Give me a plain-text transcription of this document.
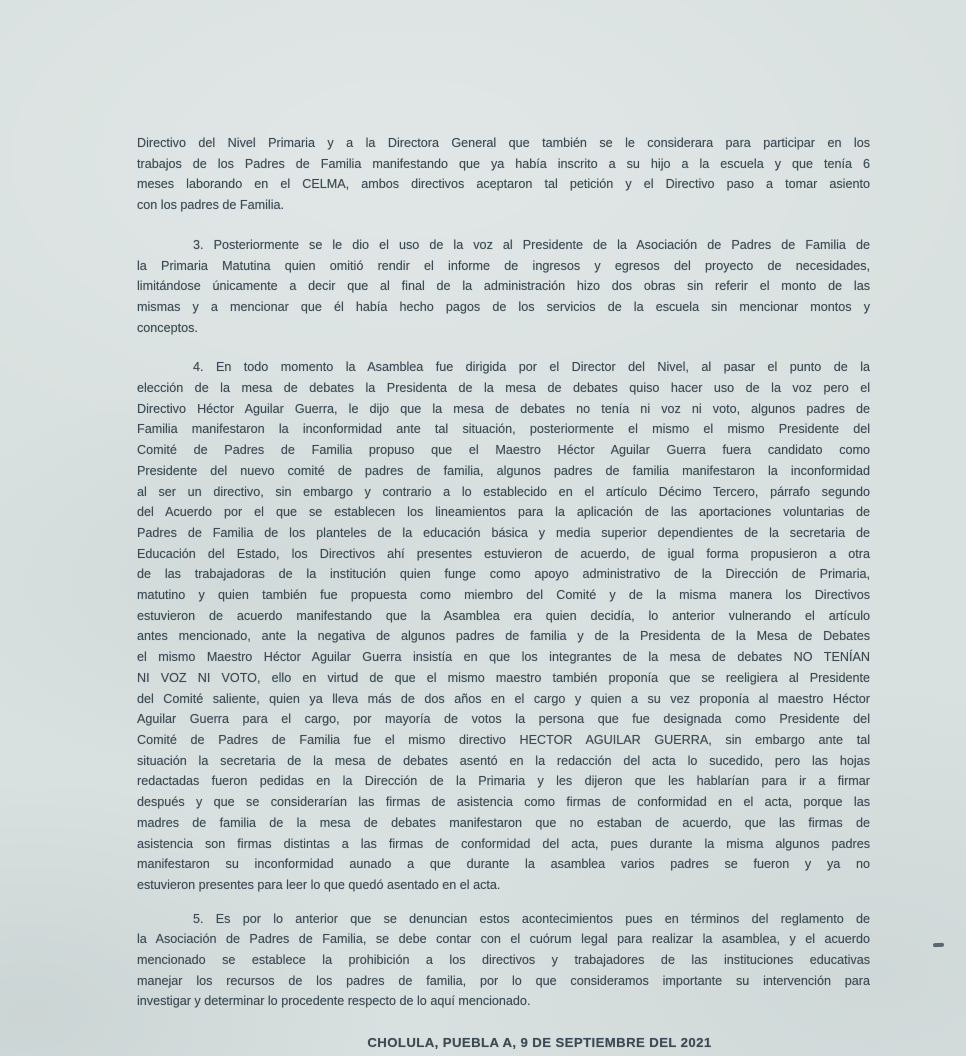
Directivo del Nivel Primaria y a la Directora General que también se le considerara para participar en los
trabajos de los Padres de Familia manifestando que ya había inscrito a su hijo a la escuela y que tenía 6
meses laborando en el CELMA, ambos directivos aceptaron tal petición y el Directivo paso a tomar asiento
con los padres de Familia.
3. Posteriormente se le dio el uso de la voz al Presidente de la Asociación de Padres de Familia de
la Primaria Matutina quien omitió rendir el informe de ingresos y egresos del proyecto de necesidades,
limitándose únicamente a decir que al final de la administración hizo dos obras sin referir el monto de las
mismas y a mencionar que él había hecho pagos de los servicios de la escuela sin mencionar montos y
conceptos.
4. En todo momento la Asamblea fue dirigida por el Director del Nivel, al pasar el punto de la
elección de la mesa de debates la Presidenta de la mesa de debates quiso hacer uso de la voz pero el
Directivo Héctor Aguilar Guerra, le dijo que la mesa de debates no tenía ni voz ni voto, algunos padres de
Familia manifestaron la inconformidad ante tal situación, posteriormente el mismo el mismo Presidente del
Comité de Padres de Familia propuso que el Maestro Héctor Aguilar Guerra fuera candidato como
Presidente del nuevo comité de padres de familia, algunos padres de familia manifestaron la inconformidad
al ser un directivo, sin embargo y contrario a lo establecido en el artículo Décimo Tercero, párrafo segundo
del Acuerdo por el que se establecen los lineamientos para la aplicación de las aportaciones voluntarias de
Padres de Familia de los planteles de la educación básica y media superior dependientes de la secretaria de
Educación del Estado, los Directivos ahí presentes estuvieron de acuerdo, de igual forma propusieron a otra
de las trabajadoras de la institución quien funge como apoyo administrativo de la Dirección de Primaria,
matutino y quien también fue propuesta como miembro del Comité y de la misma manera los Directivos
estuvieron de acuerdo manifestando que la Asamblea era quien decidía, lo anterior vulnerando el artículo
antes mencionado, ante la negativa de algunos padres de familia y de la Presidenta de la Mesa de Debates
el mismo Maestro Héctor Aguilar Guerra insistía en que los integrantes de la mesa de debates NO TENÍAN
NI VOZ NI VOTO, ello en virtud de que el mismo maestro también proponía que se reeligiera al Presidente
del Comité saliente, quien ya lleva más de dos años en el cargo y quien a su vez proponía al maestro Héctor
Aguilar Guerra para el cargo, por mayoría de votos la persona que fue designada como Presidente del
Comité de Padres de Familia fue el mismo directivo HECTOR AGUILAR GUERRA, sin embargo ante tal
situación la secretaria de la mesa de debates asentó en la redacción del acta lo sucedido, pero las hojas
redactadas fueron pedidas en la Dirección de la Primaria y les dijeron que les hablarían para ir a firmar
después y que se considerarían las firmas de asistencia como firmas de conformidad en el acta, porque las
madres de familia de la mesa de debates manifestaron que no estaban de acuerdo, que las firmas de
asistencia son firmas distintas a las firmas de conformidad del acta, pues durante la misma algunos padres
manifestaron su inconformidad aunado a que durante la asamblea varios padres se fueron y ya no
estuvieron presentes para leer lo que quedó asentado en el acta.
5. Es por lo anterior que se denuncian estos acontecimientos pues en términos del reglamento de
la Asociación de Padres de Familia, se debe contar con el cuórum legal para realizar la asamblea, y el acuerdo
mencionado se establece la prohibición a los directivos y trabajadores de las instituciones educativas
manejar los recursos de los padres de familia, por lo que consideramos importante su intervención para
investigar y determinar lo procedente respecto de lo aquí mencionado.
CHOLULA, PUEBLA A, 9 DE SEPTIEMBRE DEL 2021
